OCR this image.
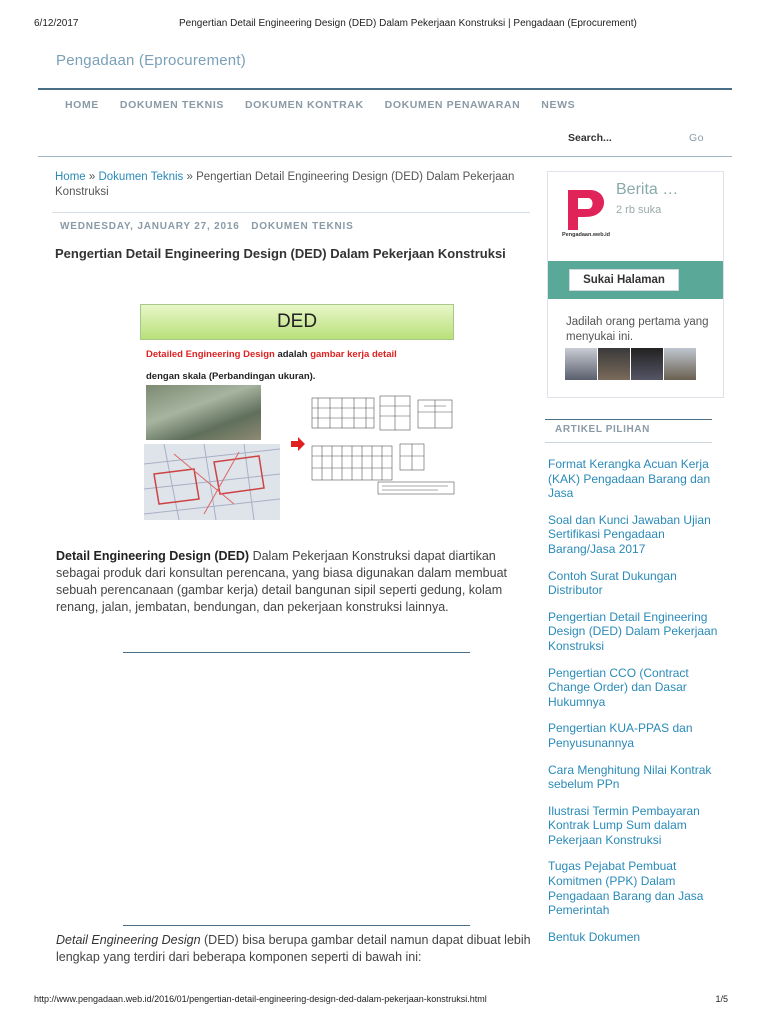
6/12/2017	Pengertian Detail Engineering Design (DED) Dalam Pekerjaan Konstruksi | Pengadaan (Eprocurement)
Pengadaan (Eprocurement)
HOME DOKUMEN TEKNIS DOKUMEN KONTRAK DOKUMEN PENAWARAN NEWS
Search...	Go
Home » Dokumen Teknis » Pengertian Detail Engineering Design (DED) Dalam Pekerjaan Konstruksi
WEDNESDAY, JANUARY 27, 2016 DOKUMEN TEKNIS
Pengertian Detail Engineering Design (DED) Dalam Pekerjaan Konstruksi
DED
Detailed Engineering Design adalah gambar kerja detail
dengan skala (Perbandingan ukuran).

Detail Engineering Design (DED) Dalam Pekerjaan Konstruksi dapat diartikan sebagai produk dari konsultan perencana, yang biasa digunakan dalam membuat sebuah perencanaan (gambar kerja) detail bangunan sipil seperti gedung, kolam renang, jalan, jembatan, bendungan, dan pekerjaan konstruksi lainnya.

Detail Engineering Design (DED) bisa berupa gambar detail namun dapat dibuat lebih lengkap yang terdiri dari beberapa komponen seperti di bawah ini:

Pengadaan.web.id
Berita …
2 rb suka
Sukai Halaman
Jadilah orang pertama yang menyukai ini.
ARTIKEL PILIHAN
Format Kerangka Acuan Kerja (KAK) Pengadaan Barang dan Jasa
Soal dan Kunci Jawaban Ujian Sertifikasi Pengadaan Barang/Jasa 2017
Contoh Surat Dukungan Distributor
Pengertian Detail Engineering Design (DED) Dalam Pekerjaan Konstruksi
Pengertian CCO (Contract Change Order) dan Dasar Hukumnya
Pengertian KUA-PPAS dan Penyusunannya
Cara Menghitung Nilai Kontrak sebelum PPn
Ilustrasi Termin Pembayaran Kontrak Lump Sum dalam Pekerjaan Konstruksi
Tugas Pejabat Pembuat Komitmen (PPK) Dalam Pengadaan Barang dan Jasa Pemerintah
Bentuk Dokumen
http://www.pengadaan.web.id/2016/01/pengertian-detail-engineering-design-ded-dalam-pekerjaan-konstruksi.html	1/5
